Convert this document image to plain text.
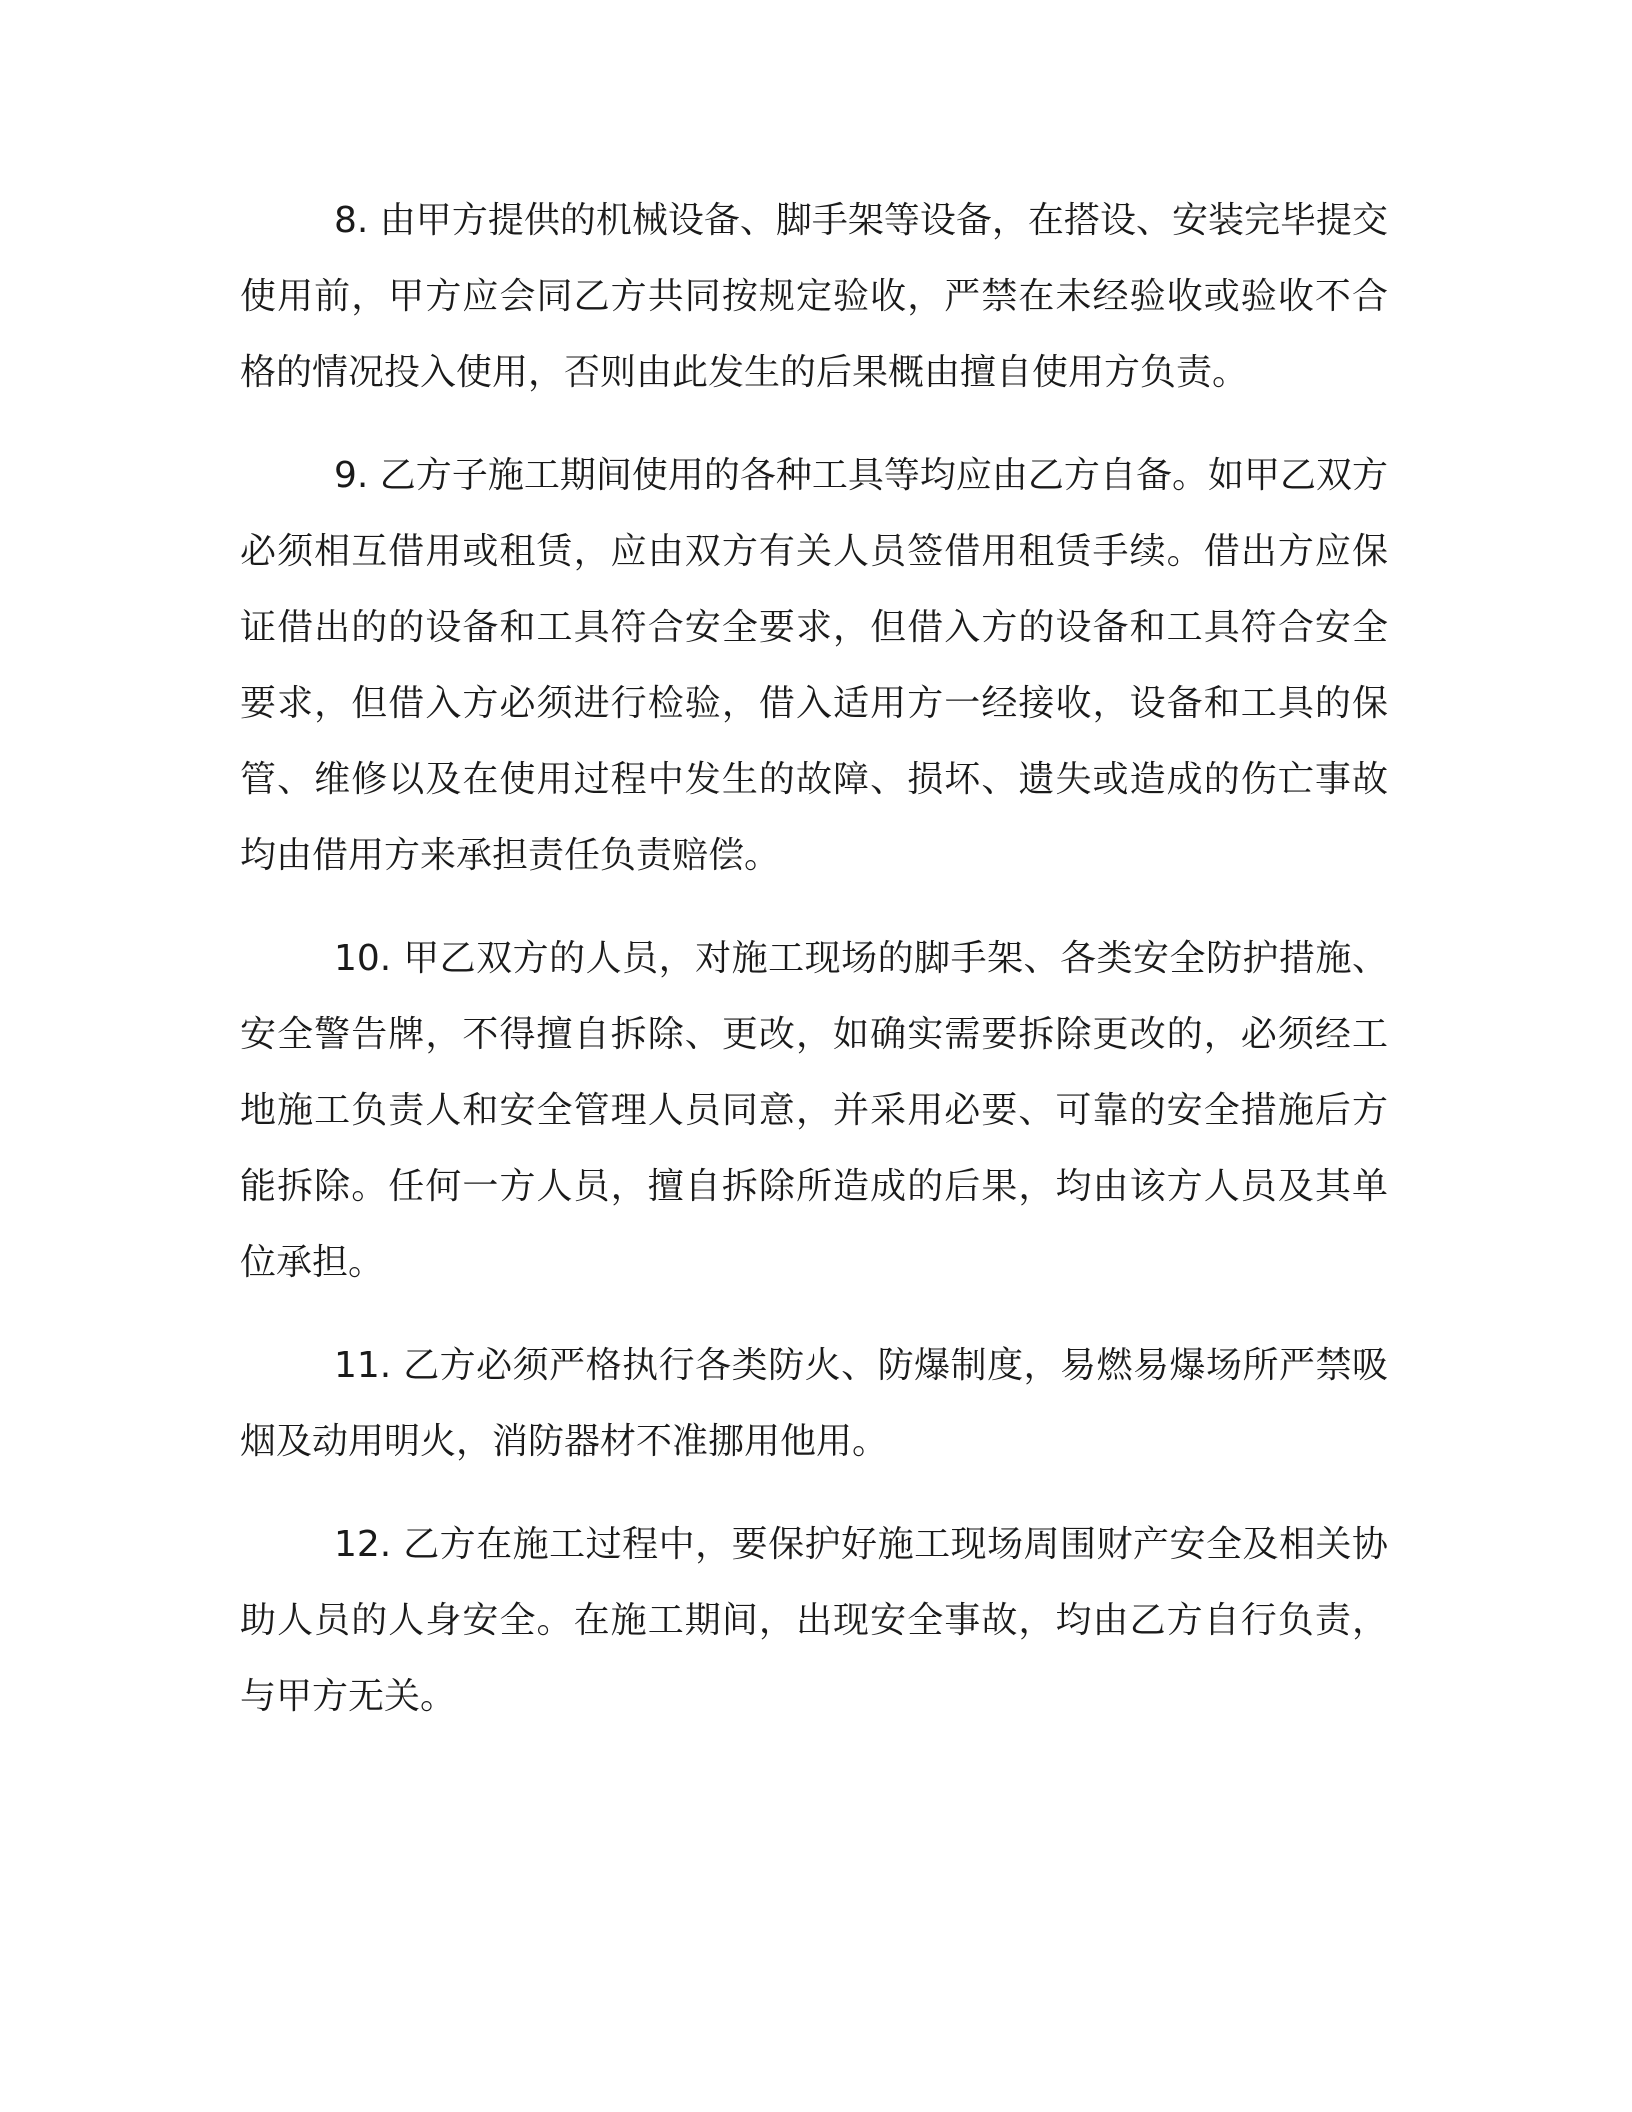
8. 由甲方提供的机械设备、脚手架等设备，在搭设、安装完毕提交使用前，甲方应会同乙方共同按规定验收，严禁在未经验收或验收不合格的情况投入使用，否则由此发生的后果概由擅自使用方负责。

9. 乙方子施工期间使用的各种工具等均应由乙方自备。如甲乙双方必须相互借用或租赁，应由双方有关人员签借用租赁手续。借出方应保证借出的的设备和工具符合安全要求，但借入方的设备和工具符合安全要求，但借入方必须进行检验，借入适用方一经接收，设备和工具的保管、维修以及在使用过程中发生的故障、损坏、遗失或造成的伤亡事故均由借用方来承担责任负责赔偿。

10. 甲乙双方的人员，对施工现场的脚手架、各类安全防护措施、安全警告牌，不得擅自拆除、更改，如确实需要拆除更改的，必须经工地施工负责人和安全管理人员同意，并采用必要、可靠的安全措施后方能拆除。任何一方人员，擅自拆除所造成的后果，均由该方人员及其单位承担。

11. 乙方必须严格执行各类防火、防爆制度，易燃易爆场所严禁吸烟及动用明火，消防器材不准挪用他用。

12. 乙方在施工过程中，要保护好施工现场周围财产安全及相关协助人员的人身安全。在施工期间，出现安全事故，均由乙方自行负责，与甲方无关。
